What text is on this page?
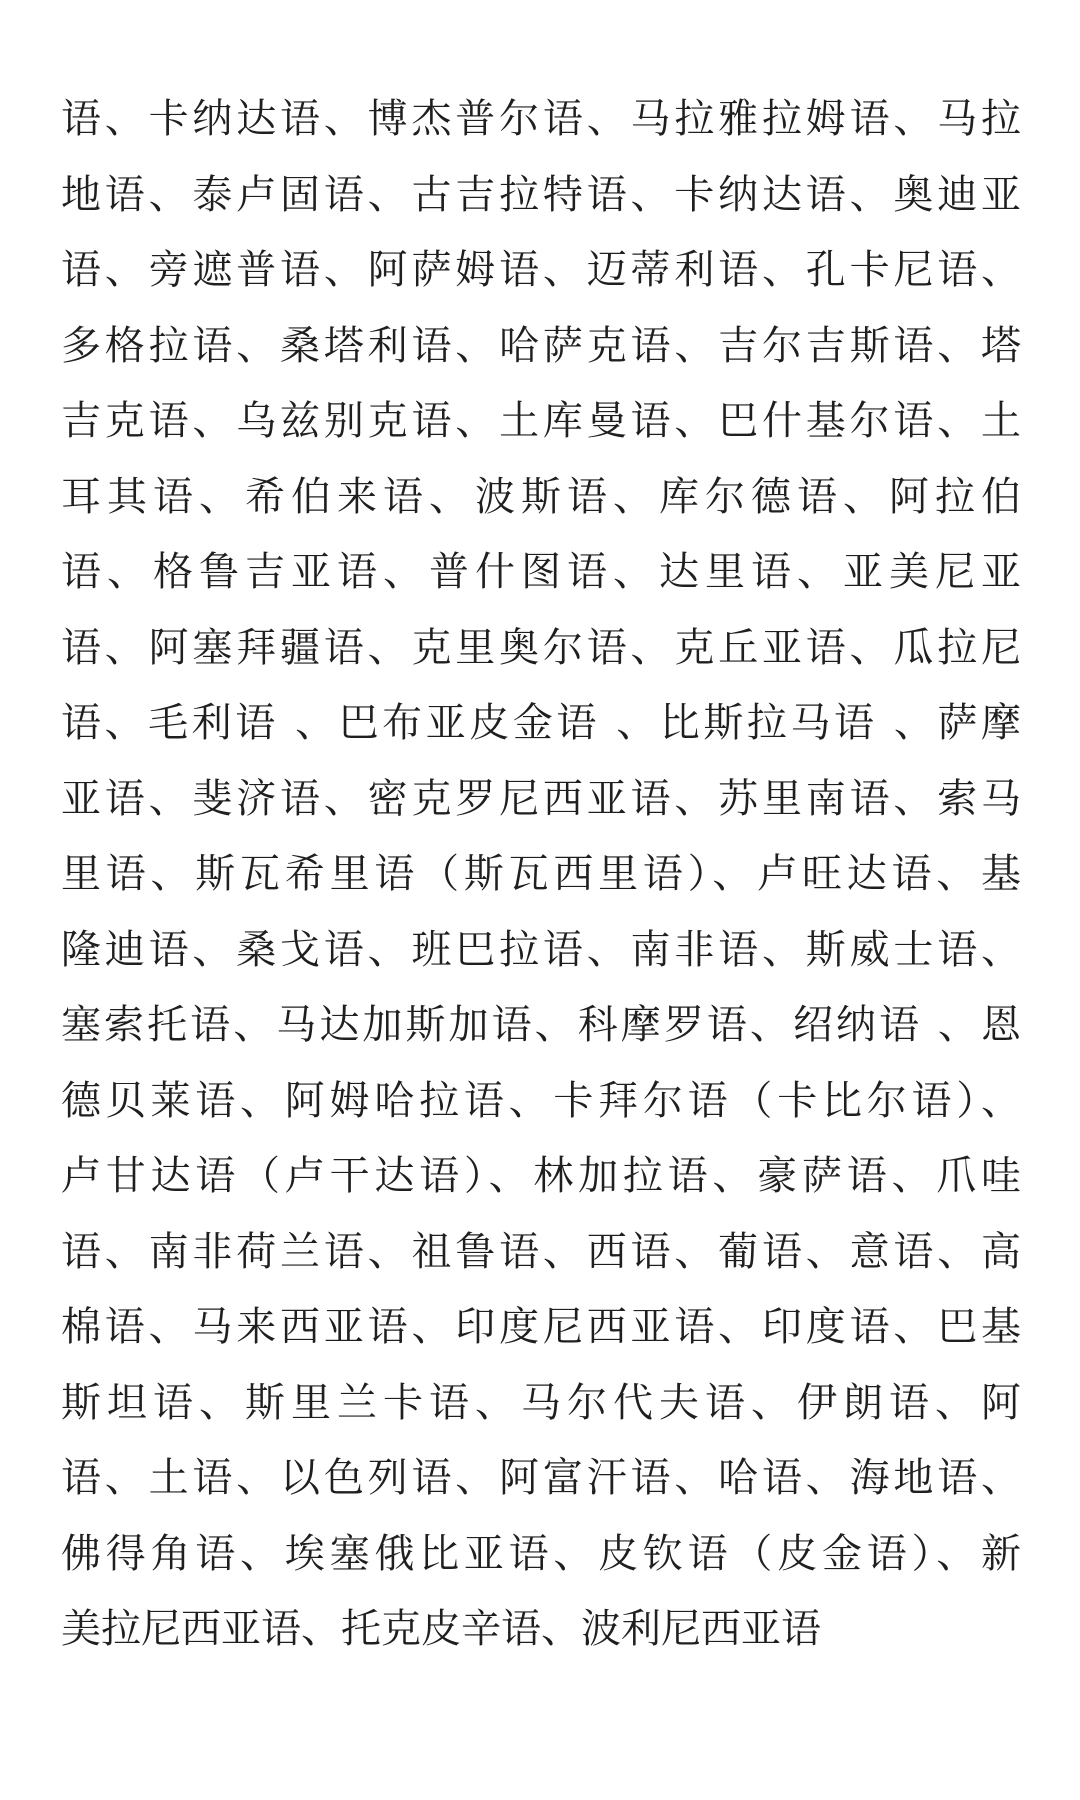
语、卡纳达语、博杰普尔语、马拉雅拉姆语、马拉
地语、泰卢固语、古吉拉特语、卡纳达语、奥迪亚
语、旁遮普语、阿萨姆语、迈蒂利语、孔卡尼语、
多格拉语、桑塔利语、哈萨克语、吉尔吉斯语、塔
吉克语、乌兹别克语、土库曼语、巴什基尔语、土
耳其语、希伯来语、波斯语、库尔德语、阿拉伯
语、格鲁吉亚语、普什图语、达里语、亚美尼亚
语、阿塞拜疆语、克里奥尔语、克丘亚语、瓜拉尼
语、毛利语 、巴布亚皮金语 、比斯拉马语 、萨摩
亚语、斐济语、密克罗尼西亚语、苏里南语、索马
里语、斯瓦希里语（斯瓦西里语）、卢旺达语、基
隆迪语、桑戈语、班巴拉语、南非语、斯威士语、
塞索托语、马达加斯加语、科摩罗语、绍纳语 、恩
德贝莱语、阿姆哈拉语、卡拜尔语（卡比尔语）、
卢甘达语（卢干达语）、林加拉语、豪萨语、爪哇
语、南非荷兰语、祖鲁语、西语、葡语、意语、高
棉语、马来西亚语、印度尼西亚语、印度语、巴基
斯坦语、斯里兰卡语、马尔代夫语、伊朗语、阿
语、土语、以色列语、阿富汗语、哈语、海地语、
佛得角语、埃塞俄比亚语、皮钦语（皮金语）、新
美拉尼西亚语、托克皮辛语、波利尼西亚语
